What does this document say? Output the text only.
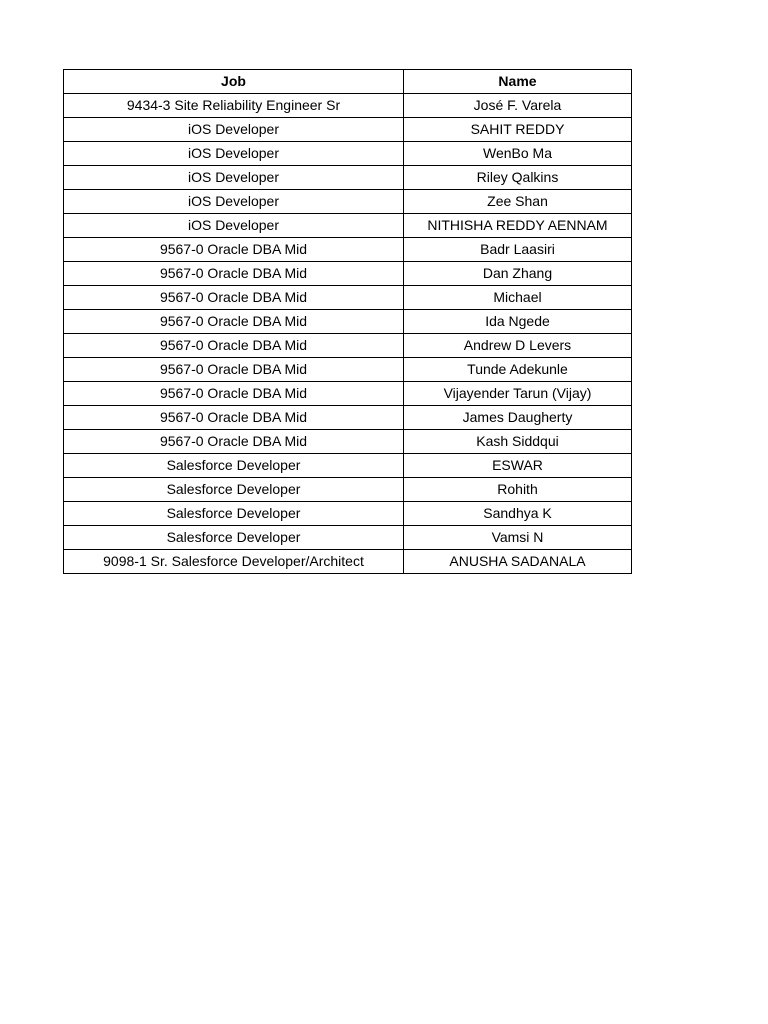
Job	Name
9434-3 Site Reliability Engineer Sr	José F. Varela
iOS Developer	SAHIT REDDY
iOS Developer	WenBo Ma
iOS Developer	Riley Qalkins
iOS Developer	Zee Shan
iOS Developer	NITHISHA REDDY AENNAM
9567-0 Oracle DBA Mid	Badr Laasiri
9567-0 Oracle DBA Mid	Dan Zhang
9567-0 Oracle DBA Mid	Michael
9567-0 Oracle DBA Mid	Ida Ngede
9567-0 Oracle DBA Mid	Andrew D Levers
9567-0 Oracle DBA Mid	Tunde Adekunle
9567-0 Oracle DBA Mid	Vijayender Tarun (Vijay)
9567-0 Oracle DBA Mid	James Daugherty
9567-0 Oracle DBA Mid	Kash Siddqui
Salesforce Developer	ESWAR
Salesforce Developer	Rohith
Salesforce Developer	Sandhya K
Salesforce Developer	Vamsi N
9098-1 Sr. Salesforce Developer/Architect	ANUSHA SADANALA
